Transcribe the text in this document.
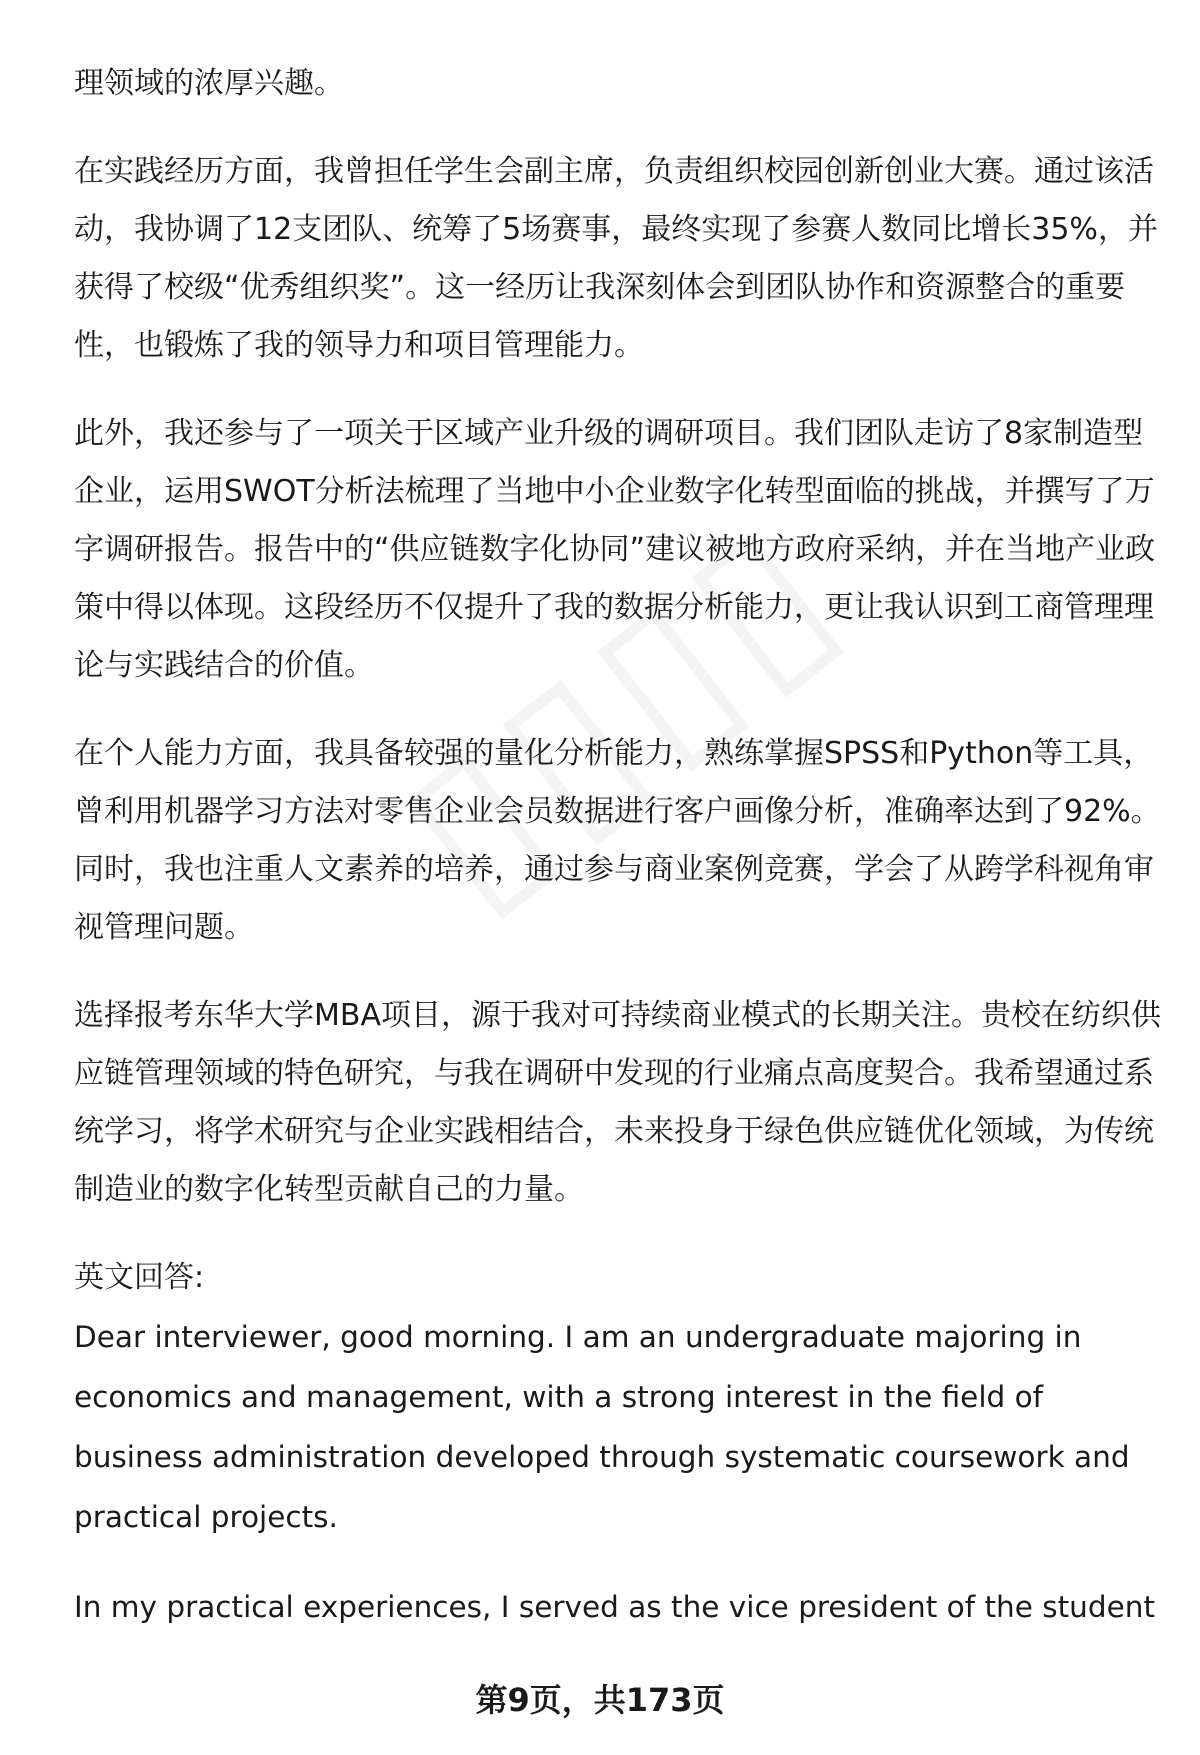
理领域的浓厚兴趣。

在实践经历方面，我曾担任学生会副主席，负责组织校园创新创业大赛。通过该活动，我协调了12支团队、统筹了5场赛事，最终实现了参赛人数同比增长35%，并获得了校级“优秀组织奖”。这一经历让我深刻体会到团队协作和资源整合的重要性，也锻炼了我的领导力和项目管理能力。

此外，我还参与了一项关于区域产业升级的调研项目。我们团队走访了8家制造型企业，运用SWOT分析法梳理了当地中小企业数字化转型面临的挑战，并撰写了万字调研报告。报告中的“供应链数字化协同”建议被地方政府采纳，并在当地产业政策中得以体现。这段经历不仅提升了我的数据分析能力，更让我认识到工商管理理论与实践结合的价值。

在个人能力方面，我具备较强的量化分析能力，熟练掌握SPSS和Python等工具，曾利用机器学习方法对零售企业会员数据进行客户画像分析，准确率达到了92%。同时，我也注重人文素养的培养，通过参与商业案例竞赛，学会了从跨学科视角审视管理问题。

选择报考东华大学MBA项目，源于我对可持续商业模式的长期关注。贵校在纺织供应链管理领域的特色研究，与我在调研中发现的行业痛点高度契合。我希望通过系统学习，将学术研究与企业实践相结合，未来投身于绿色供应链优化领域，为传统制造业的数字化转型贡献自己的力量。

英文回答:

Dear interviewer, good morning. I am an undergraduate majoring in economics and management, with a strong interest in the field of business administration developed through systematic coursework and practical projects.

In my practical experiences, I served as the vice president of the student

第9页，共173页
